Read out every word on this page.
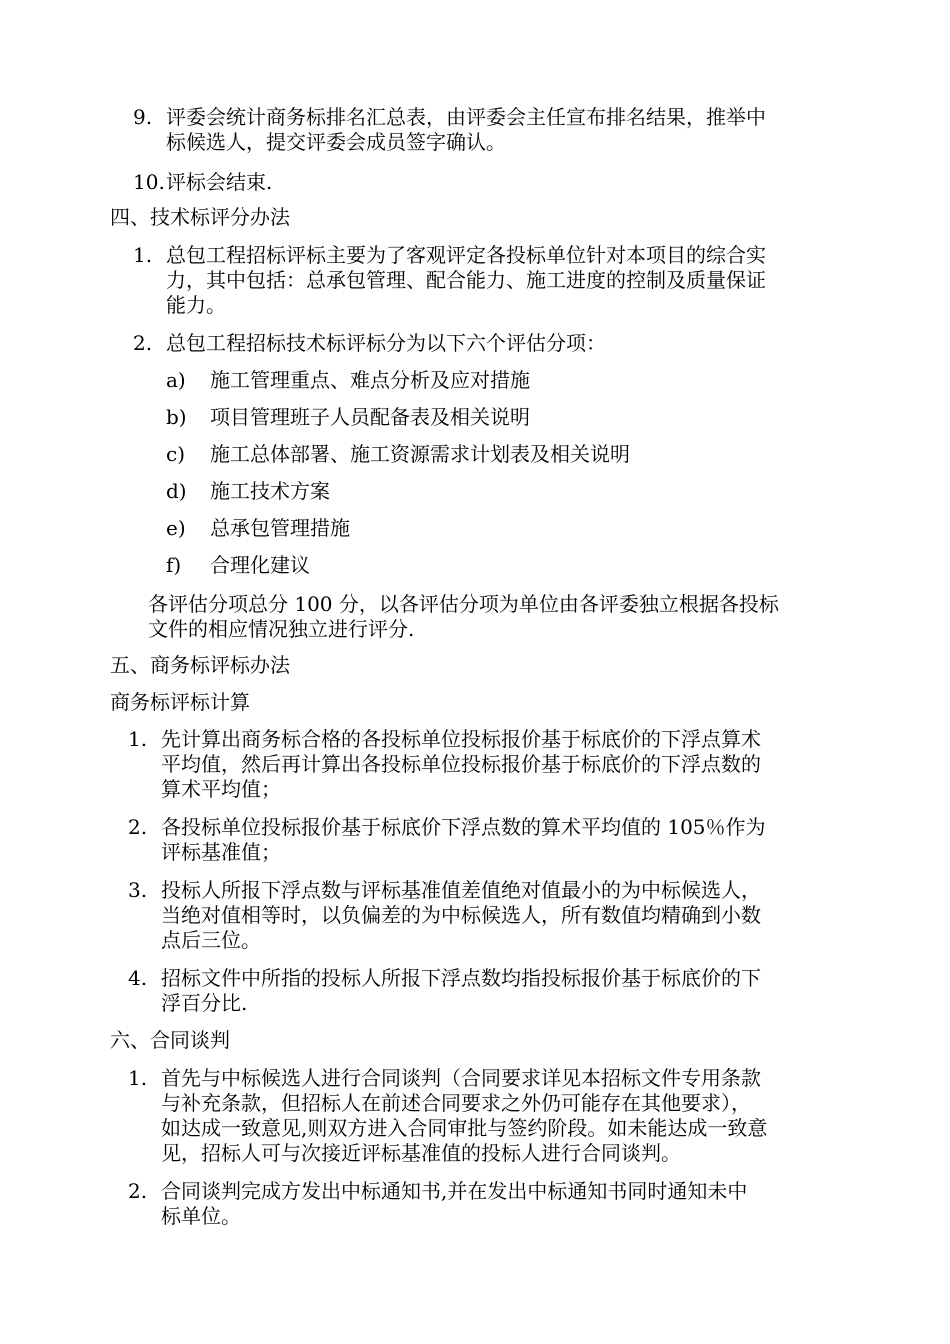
9. 评委会统计商务标排名汇总表，由评委会主任宣布排名结果，推举中
标候选人，提交评委会成员签字确认。
10. 评标会结束.
四、技术标评分办法
1. 总包工程招标评标主要为了客观评定各投标单位针对本项目的综合实
力，其中包括：总承包管理、配合能力、施工进度的控制及质量保证
能力。
2. 总包工程招标技术标评标分为以下六个评估分项：
a) 施工管理重点、难点分析及应对措施
b) 项目管理班子人员配备表及相关说明
c) 施工总体部署、施工资源需求计划表及相关说明
d) 施工技术方案
e) 总承包管理措施
f) 合理化建议
各评估分项总分 100 分，以各评估分项为单位由各评委独立根据各投标
文件的相应情况独立进行评分.
五、商务标评标办法
商务标评标计算
1. 先计算出商务标合格的各投标单位投标报价基于标底价的下浮点算术
平均值，然后再计算出各投标单位投标报价基于标底价的下浮点数的
算术平均值；
2. 各投标单位投标报价基于标底价下浮点数的算术平均值的 105％作为
评标基准值；
3. 投标人所报下浮点数与评标基准值差值绝对值最小的为中标候选人，
当绝对值相等时，以负偏差的为中标候选人，所有数值均精确到小数
点后三位。
4. 招标文件中所指的投标人所报下浮点数均指投标报价基于标底价的下
浮百分比.
六、合同谈判
1. 首先与中标候选人进行合同谈判（合同要求详见本招标文件专用条款
与补充条款，但招标人在前述合同要求之外仍可能存在其他要求），
如达成一致意见,则双方进入合同审批与签约阶段。如未能达成一致意
见，招标人可与次接近评标基准值的投标人进行合同谈判。
2. 合同谈判完成方发出中标通知书,并在发出中标通知书同时通知未中
标单位。
